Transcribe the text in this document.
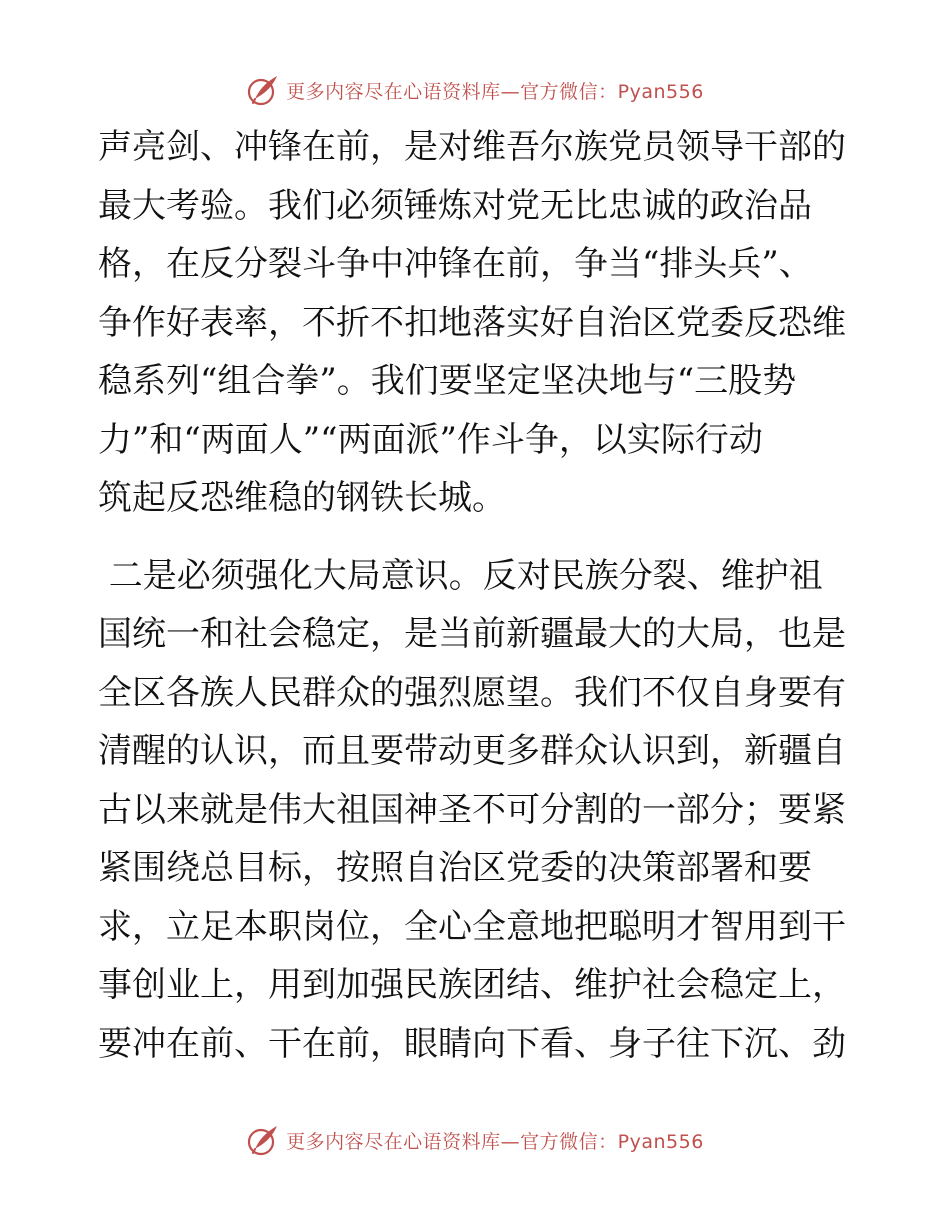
更多内容尽在心语资料库—官方微信：Pyan556

声亮剑、冲锋在前，是对维吾尔族党员领导干部的
最大考验。我们必须锤炼对党无比忠诚的政治品
格，在反分裂斗争中冲锋在前，争当“排头兵”、
争作好表率，不折不扣地落实好自治区党委反恐维
稳系列“组合拳”。我们要坚定坚决地与“三股势
力”和“两面人”“两面派”作斗争，以实际行动
筑起反恐维稳的钢铁长城。

二是必须强化大局意识。反对民族分裂、维护祖
国统一和社会稳定，是当前新疆最大的大局，也是
全区各族人民群众的强烈愿望。我们不仅自身要有
清醒的认识，而且要带动更多群众认识到，新疆自
古以来就是伟大祖国神圣不可分割的一部分；要紧
紧围绕总目标，按照自治区党委的决策部署和要
求，立足本职岗位，全心全意地把聪明才智用到干
事创业上，用到加强民族团结、维护社会稳定上，
要冲在前、干在前，眼睛向下看、身子往下沉、劲

更多内容尽在心语资料库—官方微信：Pyan556
